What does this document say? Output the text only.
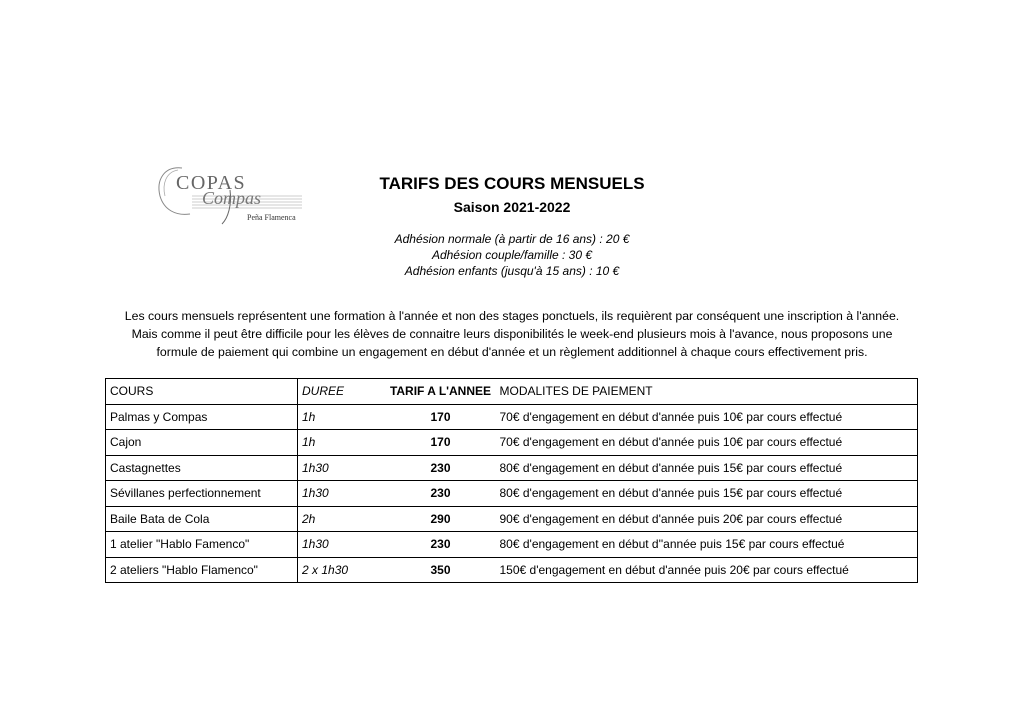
COPAS
Compas
Peña Flamenca
TARIFS DES COURS MENSUELS
Saison 2021-2022
Adhésion normale (à partir de 16 ans) : 20 €
Adhésion couple/famille : 30 €
Adhésion enfants (jusqu'à 15 ans) : 10 €
Les cours mensuels représentent une formation à l'année et non des stages ponctuels, ils requièrent par conséquent une inscription à l'année.
Mais comme il peut être difficile pour les élèves de connaitre leurs disponibilités le week-end plusieurs mois à l'avance, nous proposons une
formule de paiement qui combine un engagement en début d'année et un règlement additionnel à chaque cours effectivement pris.
COURS	DUREE	TARIF A L'ANNEE	MODALITES DE PAIEMENT
Palmas y Compas	1h	170	70€ d'engagement en début d'année puis 10€ par cours effectué
Cajon	1h	170	70€ d'engagement en début d'année puis 10€ par cours effectué
Castagnettes	1h30	230	80€ d'engagement en début d'année puis 15€ par cours effectué
Sévillanes perfectionnement	1h30	230	80€ d'engagement en début d'année puis 15€ par cours effectué
Baile Bata de Cola	2h	290	90€ d'engagement en début d'année puis 20€ par cours effectué
1 atelier "Hablo Famenco"	1h30	230	80€ d'engagement en début d''année puis 15€ par cours effectué
2 ateliers "Hablo Flamenco"	2 x 1h30	350	150€ d'engagement en début d'année puis 20€ par cours effectué
